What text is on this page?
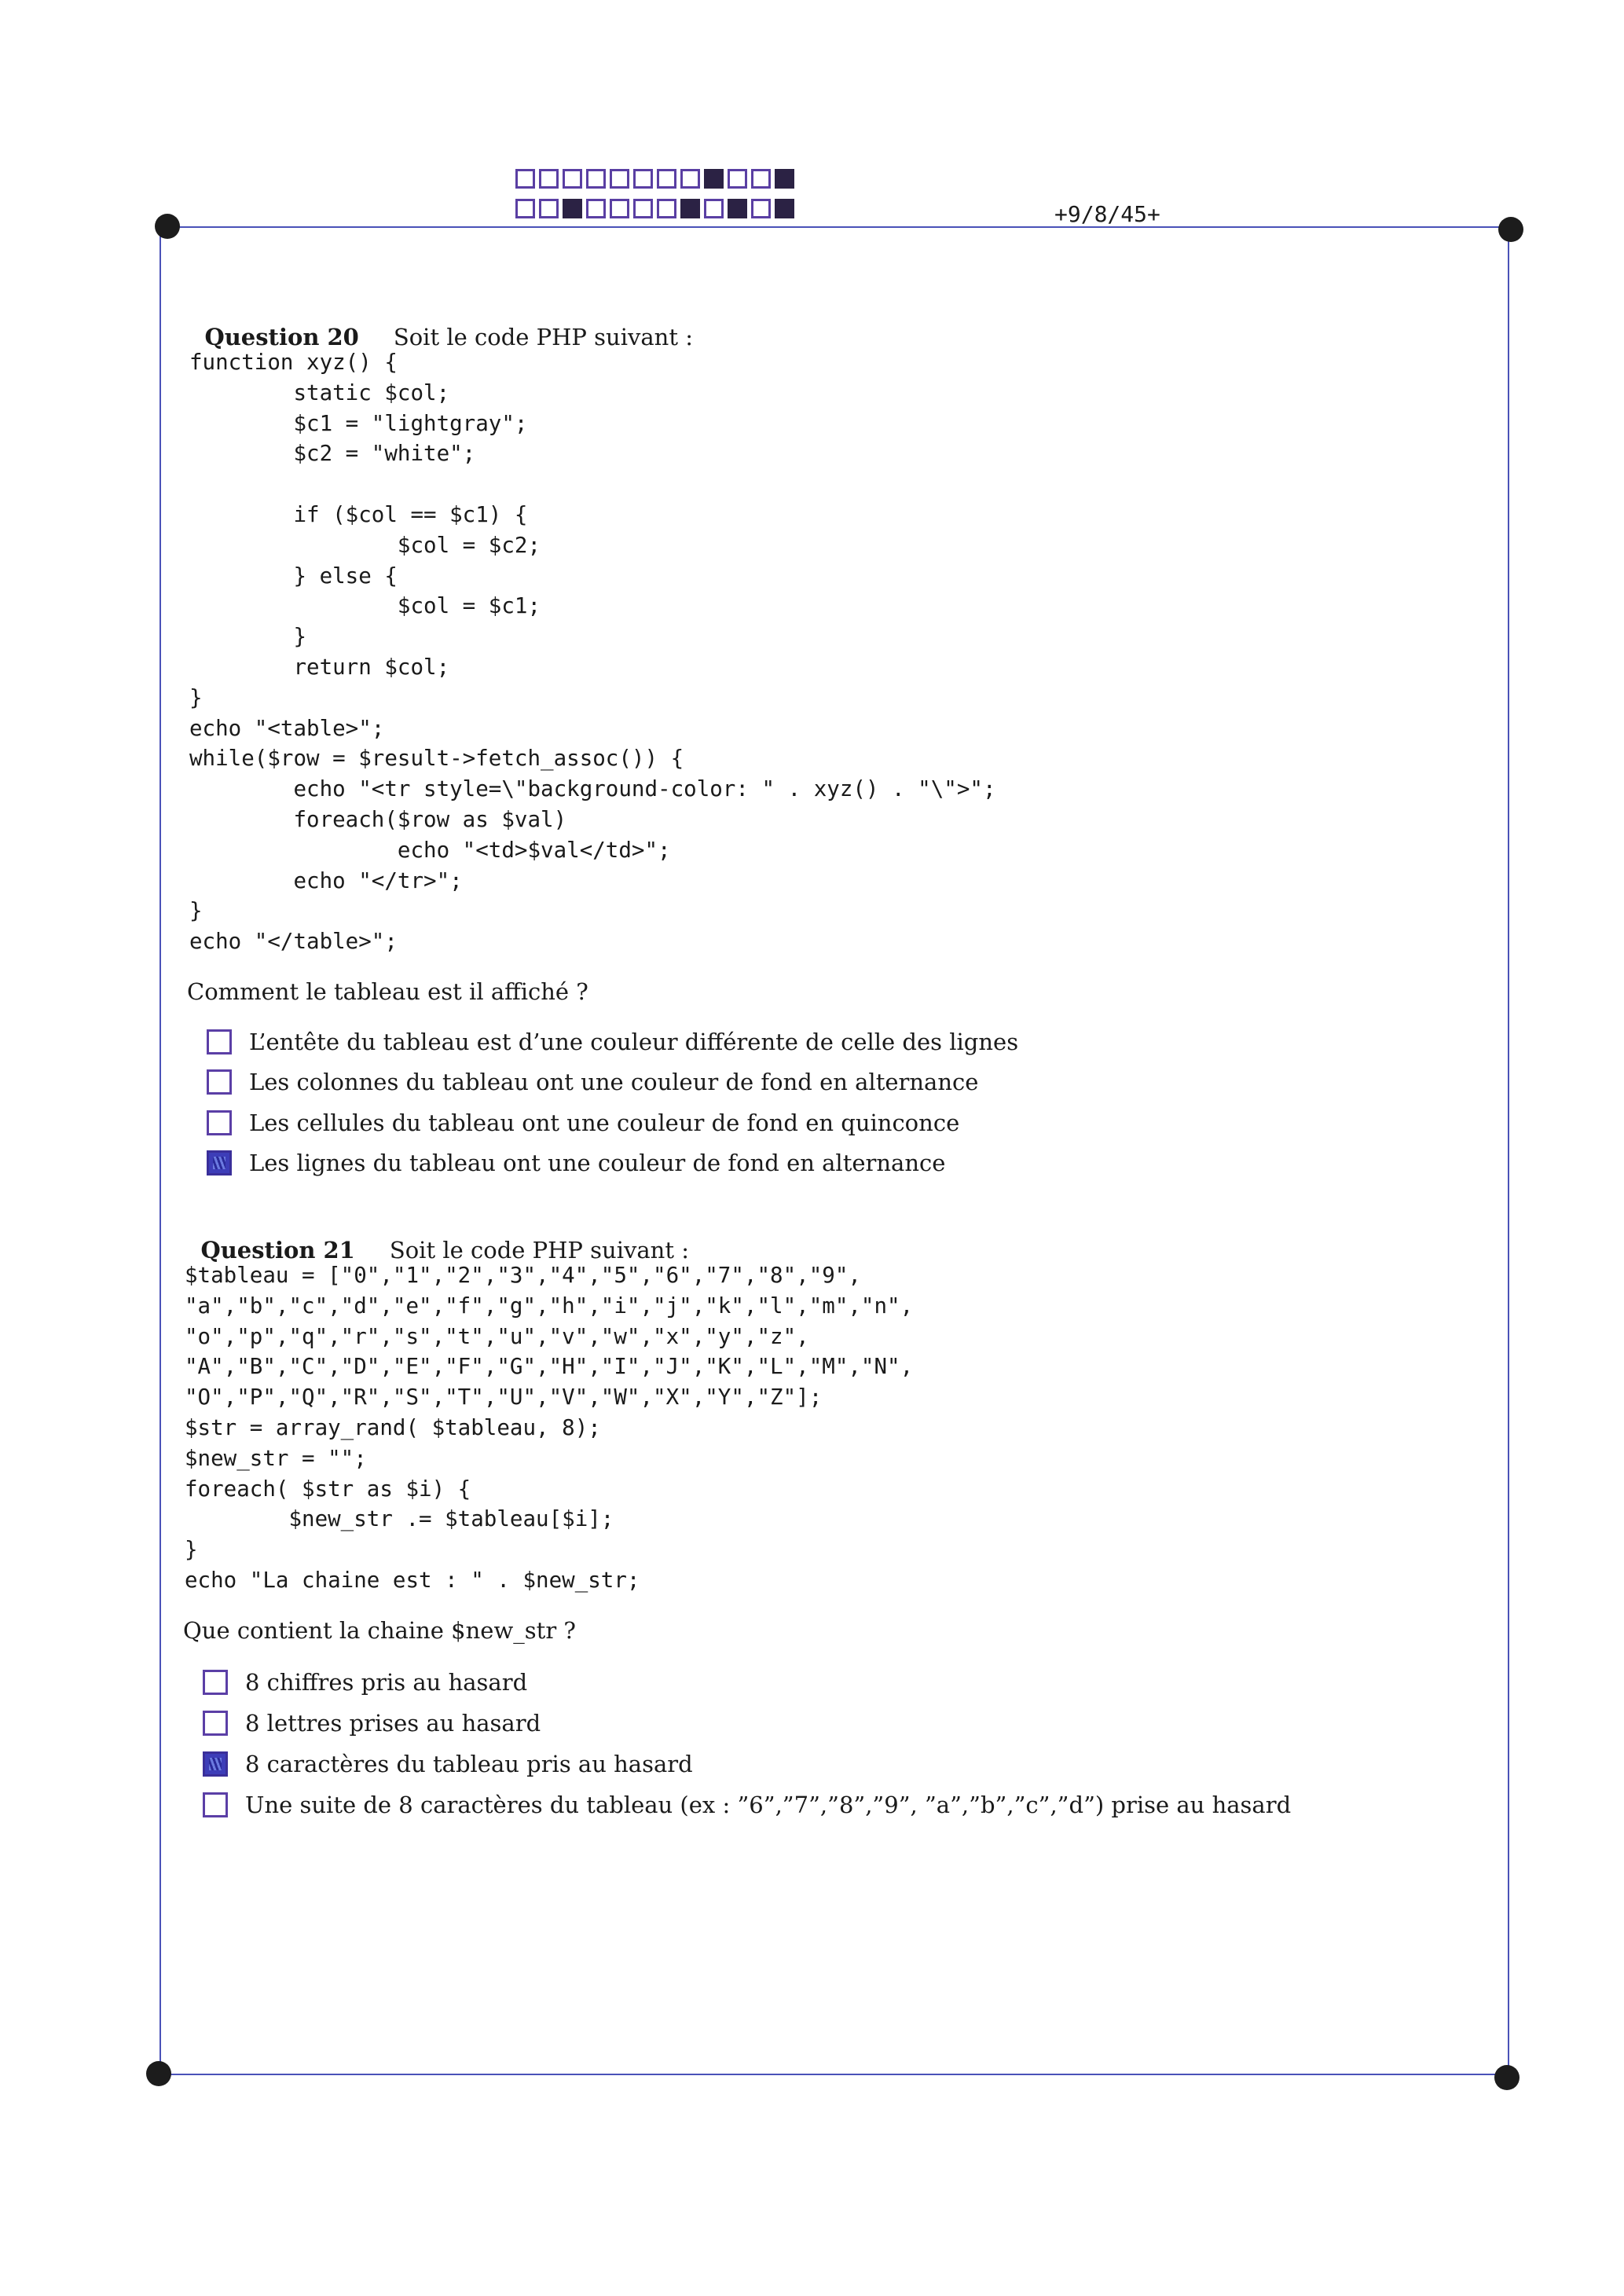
+9/8/45+

Question 20 Soit le code PHP suivant :

function xyz() {
static $col;
$c1 = "lightgray";
$c2 = "white";
if ($col == $c1) {
$col = $c2;
} else {
$col = $c1;
}
return $col;
}
echo "<table>";
while($row = $result->fetch_assoc()) {
echo "<tr style=\"background-color: " . xyz() . "\">";
foreach($row as $val)
echo "<td>$val</td>";
echo "</tr>";
}
echo "</table>";
Comment le tableau est il affiché ?
L’entête du tableau est d’une couleur différente de celle des lignes
Les colonnes du tableau ont une couleur de fond en alternance
Les cellules du tableau ont une couleur de fond en quinconce
Les lignes du tableau ont une couleur de fond en alternance

Question 21 Soit le code PHP suivant :

$tableau = ["0","1","2","3","4","5","6","7","8","9",
"a","b","c","d","e","f","g","h","i","j","k","l","m","n",
"o","p","q","r","s","t","u","v","w","x","y","z",
"A","B","C","D","E","F","G","H","I","J","K","L","M","N",
"O","P","Q","R","S","T","U","V","W","X","Y","Z"];
$str = array_rand( $tableau, 8);
$new_str = "";
foreach( $str as $i) {
$new_str .= $tableau[$i];
}
echo "La chaine est : " . $new_str;
Que contient la chaine $new_str ?
8 chiffres pris au hasard
8 lettres prises au hasard
8 caractères du tableau pris au hasard
Une suite de 8 caractères du tableau (ex : ”6”,”7”,”8”,”9”, ”a”,”b”,”c”,”d”) prise au hasard
